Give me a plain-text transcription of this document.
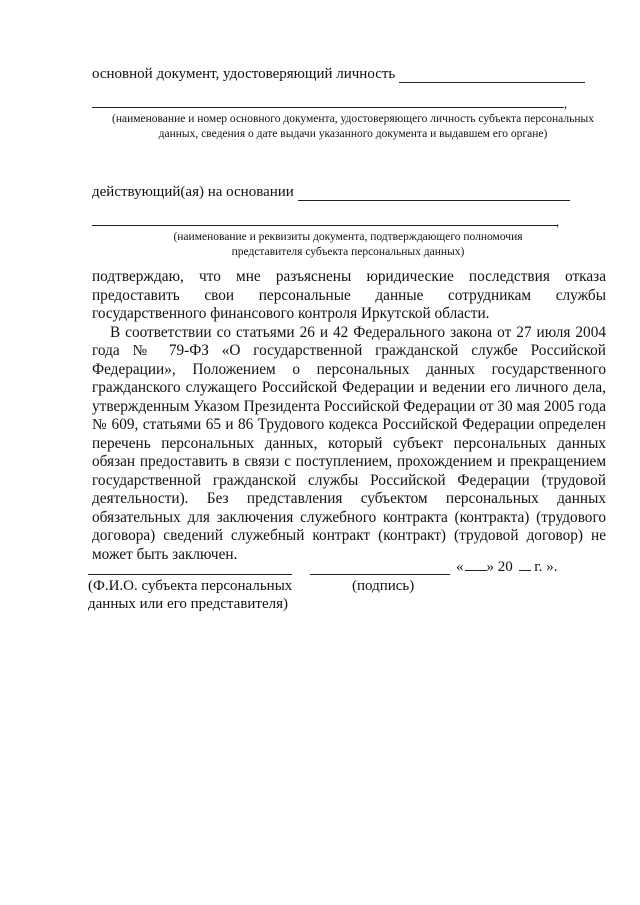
основной документ, удостоверяющий личность
,
(наименование и номер основного документа, удостоверяющего личность субъекта персональных данных, сведения о дате выдачи указанного документа и выдавшем его органе)
действующий(ая) на основании
,
(наименование и реквизиты документа, подтверждающего полномочия представителя субъекта персональных данных)

подтверждаю, что мне разъяснены юридические последствия отказа предоставить свои персональные данные сотрудникам службы государственного финансового контроля Иркутской области.

В соответствии со статьями 26 и 42 Федерального закона от 27 июля 2004 года № 79-ФЗ «О государственной гражданской службе Российской Федерации», Положением о персональных данных государственного гражданского служащего Российской Федерации и ведении его личного дела, утвержденным Указом Президента Российской Федерации от 30 мая 2005 года № 609, статьями 65 и 86 Трудового кодекса Российской Федерации определен перечень персональных данных, который субъект персональных данных обязан предоставить в связи с поступлением, прохождением и прекращением государственной гражданской службы Российской Федерации (трудовой деятельности). Без представления субъектом персональных данных обязательных для заключения служебного контракта (контракта) (трудового договора) сведений служебный контракт (контракт) (трудовой договор) не может быть заключен.

« » 20 г. ».
(Ф.И.О. субъекта персональных
данных или его представителя)
(подпись)
